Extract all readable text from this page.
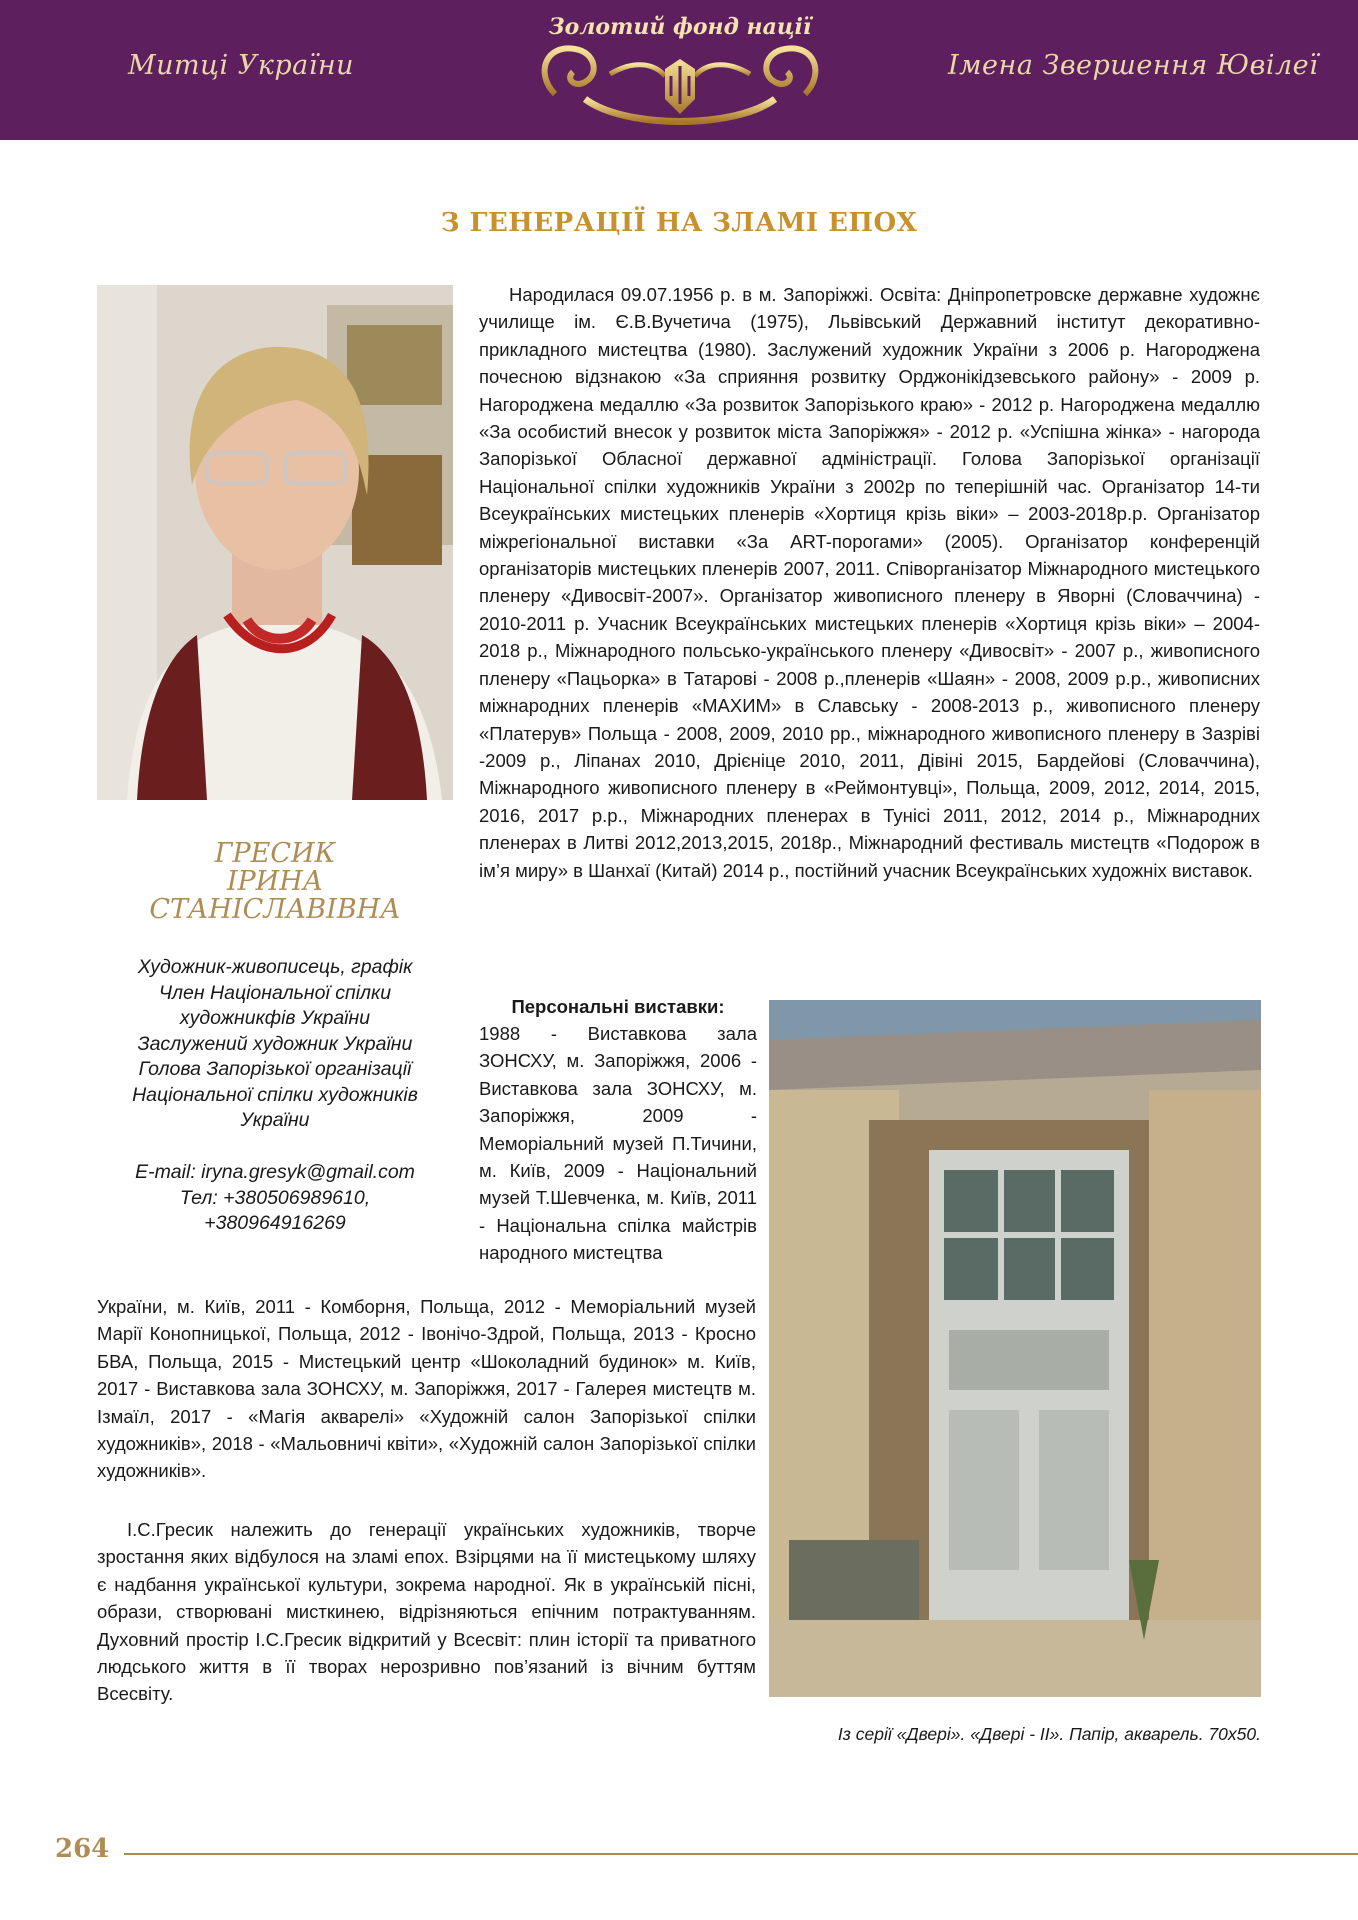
Митці України
Золотий фонд нації
Імена Звершення Ювілеї
З ГЕНЕРАЦІЇ НА ЗЛАМІ ЕПОХ
ГРЕСИК
ІРИНА
СТАНІСЛАВІВНА
Художник-живописець, графік
Член Національної спілки
художникфів України
Заслужений художник України
Голова Запорізької організації
Національної спілки художників
України
E-mail: iryna.gresyk@gmail.com
Тел: +380506989610,
+380964916269
Народилася 09.07.1956 р. в м. Запоріжжі. Освіта: Дніпропетровске державне художнє училище ім. Є.В.Вучетича (1975), Львівський Державний інститут декоративно-прикладного мистецтва (1980). Заслужений художник України з 2006 р. Нагороджена почесною відзнакою «За сприяння розвитку Орджонікідзевського району» - 2009 р. Нагороджена медаллю «За розвиток Запорізького краю» - 2012 р. Нагороджена медаллю «За особистий внесок у розвиток міста Запоріжжя» - 2012 р. «Успішна жінка» - нагорода Запорізької Обласної державної адміністрації. Голова Запорізької організації Національної спілки художників України з 2002р по теперішній час. Організатор 14-ти Всеукраїнських мистецьких пленерів «Хортиця крізь віки» – 2003-2018р.р. Організатор міжрегіональної виставки «За ART-порогами» (2005). Організатор конференцій організаторів мистецьких пленерів 2007, 2011. Співорганізатор Міжнародного мистецького пленеру «Дивосвіт-2007». Організатор живописного пленеру в Яворні (Словаччина) - 2010-2011 р. Учасник Всеукраїнських мистецьких пленерів «Хортиця крізь віки» – 2004-2018 р., Міжнародного польсько-українського пленеру «Дивосвіт» - 2007 р., живописного пленеру «Пацьорка» в Татарові - 2008 р.,пленерів «Шаян» - 2008, 2009 р.р., живописних міжнародних пленерів «МАХИМ» в Славську - 2008-2013 р., живописного пленеру «Платерув» Польща - 2008, 2009, 2010 рр., міжнародного живописного пленеру в Зазріві -2009 р., Ліпанах 2010, Дрієніце 2010, 2011, Дівіні 2015, Бардейові (Словаччина), Міжнародного живописного пленеру в «Реймонтувці», Польща, 2009, 2012, 2014, 2015, 2016, 2017 р.р., Міжнародних пленерах в Тунісі 2011, 2012, 2014 р., Міжнародних пленерах в Литві 2012,2013,2015, 2018р., Міжнародний фестиваль мистецтв «Подорож в ім’я миру» в Шанхаї (Китай) 2014 р., постійний учасник Всеукраїнських художніх виставок.
Персональні виставки:
1988 - Виставкова зала ЗОНСХУ, м. Запоріжжя, 2006 - Виставкова зала ЗОНСХУ, м. Запоріжжя, 2009 - Меморіальний музей П.Тичини, м. Київ, 2009 - Національний музей Т.Шевченка, м. Київ, 2011 - Національна спілка майстрів народного мистецтва
України, м. Київ, 2011 - Комборня, Польща, 2012 - Меморіальний музей Марії Конопницької, Польща, 2012 - Івонічо-Здрой, Польща, 2013 - Кросно БВА, Польща, 2015 - Мистецький центр «Шоколадний будинок» м. Київ, 2017 - Виставкова зала ЗОНСХУ, м. Запоріжжя, 2017 - Галерея мистецтв м. Ізмаїл, 2017 - «Магія акварелі» «Художній салон Запорізької спілки художників», 2018 - «Мальовничі квіти», «Художній салон Запорізької спілки художників».
І.С.Гресик належить до генерації українських художників, творче зростання яких відбулося на зламі епох. Взірцями на її мистецькому шляху є надбання української культури, зокрема народної. Як в українській пісні, образи, створювані мисткинею, відрізняються епічним потрактуванням. Духовний простір І.С.Гресик відкритий у Всесвіт: плин історії та приватного людського життя в її творах нерозривно пов’язаний із вічним буттям Всесвіту.
Із серії «Двері». «Двері - ІІ». Папір, акварель. 70х50.
264
